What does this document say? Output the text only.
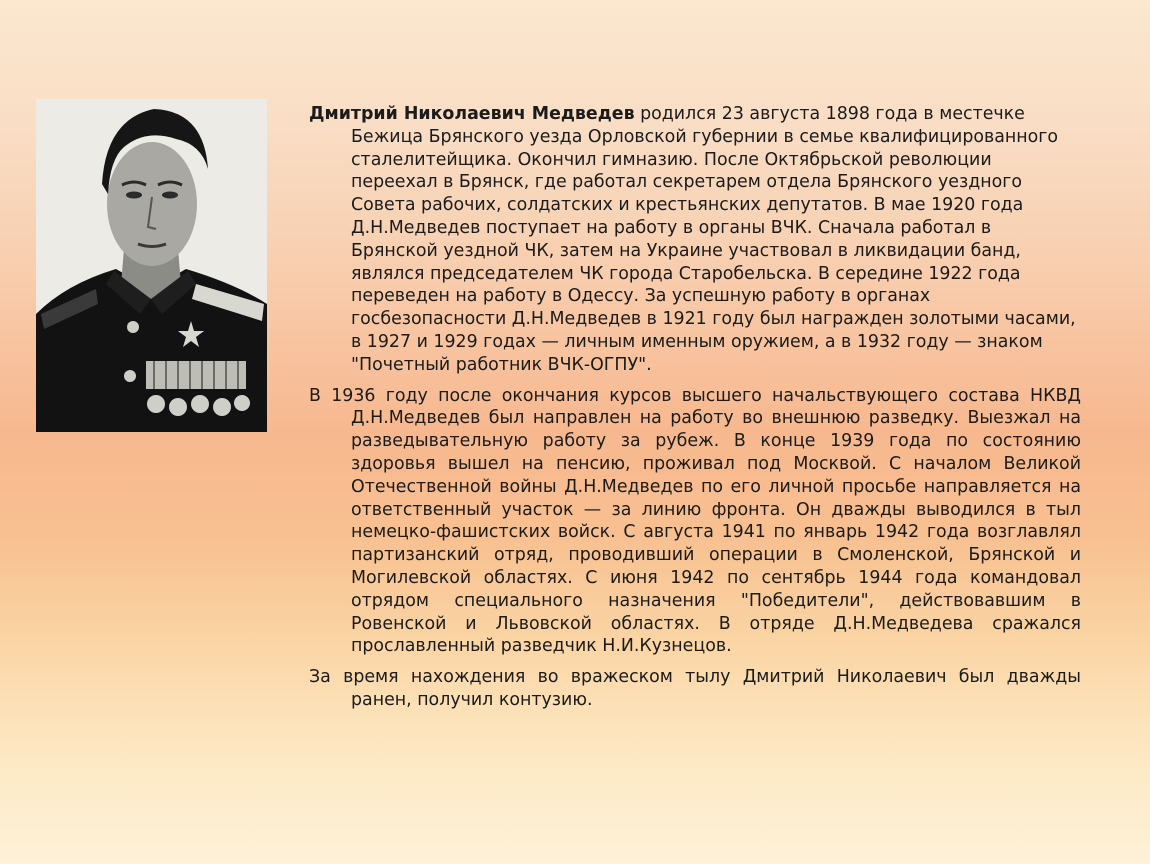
Дмитрий Николаевич Медведев родился 23 августа 1898 года в местечке Бежица Брянского уезда Орловской губернии в семье квалифицированного сталелитейщика. Окончил гимназию. После Октябрьской революции переехал в Брянск, где работал секретарем отдела Брянского уездного Совета рабочих, солдатских и крестьянских депутатов. В мае 1920 года Д.Н.Медведев поступает на работу в органы ВЧК. Сначала работал в Брянской уездной ЧК, затем на Украине участвовал в ликвидации банд, являлся председателем ЧК города Старобельска. В середине 1922 года переведен на работу в Одессу. За успешную работу в органах госбезопасности Д.Н.Медведев в 1921 году был награжден золотыми часами, в 1927 и 1929 годах — личным именным оружием, а в 1932 году — знаком "Почетный работник ВЧК-ОГПУ".

В 1936 году после окончания курсов высшего начальствующего состава НКВД Д.Н.Медведев был направлен на работу во внешнюю разведку. Выезжал на разведывательную работу за рубеж. В конце 1939 года по состоянию здоровья вышел на пенсию, проживал под Москвой. С началом Великой Отечественной войны Д.Н.Медведев по его личной просьбе направляется на ответственный участок — за линию фронта. Он дважды выводился в тыл немецко-фашистских войск. С августа 1941 по январь 1942 года возглавлял партизанский отряд, проводивший операции в Смоленской, Брянской и Могилевской областях. С июня 1942 по сентябрь 1944 года командовал отрядом специального назначения "Победители", действовавшим в Ровенской и Львовской областях. В отряде Д.Н.Медведева сражался прославленный разведчик Н.И.Кузнецов.

За время нахождения во вражеском тылу Дмитрий Николаевич был дважды ранен, получил контузию.
